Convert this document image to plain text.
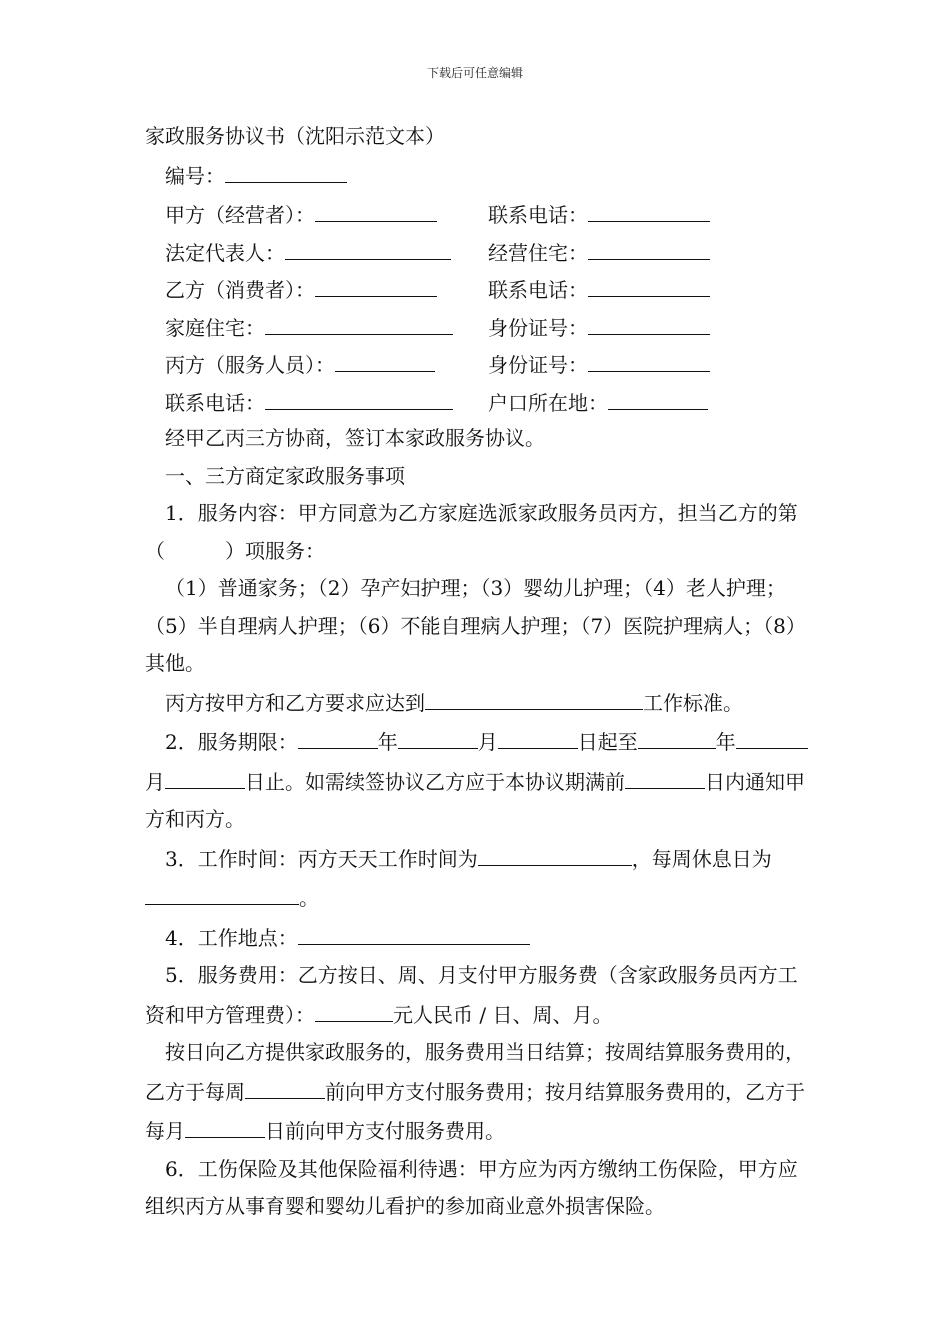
下载后可任意编辑
家政服务协议书（沈阳示范文本）
编号：
甲方（经营者）：	联系电话：
法定代表人：	经营住宅：
乙方（消费者）：	联系电话：
家庭住宅：	身份证号：
丙方（服务人员）：	身份证号：
联系电话：	户口所在地：
经甲乙丙三方协商，签订本家政服务协议。
一、三方商定家政服务事项
1．服务内容：甲方同意为乙方家庭选派家政服务员丙方，担当乙方的第（　　　）项服务：
（1）普通家务；（2）孕产妇护理；（3）婴幼儿护理；（4）老人护理；（5）半自理病人护理；（6）不能自理病人护理；（7）医院护理病人；（8）其他。
丙方按甲方和乙方要求应达到	工作标准。
2．服务期限：	年	月	日起至	年月	日止。如需续签协议乙方应于本协议期满前	日内通知甲方和丙方。
3．工作时间：丙方天天工作时间为	，每周休息日为。
4．工作地点：
5．服务费用：乙方按日、周、月支付甲方服务费（含家政服务员丙方工资和甲方管理费）：	元人民币 / 日、周、月。
按日向乙方提供家政服务的，服务费用当日结算；按周结算服务费用的，乙方于每周	前向甲方支付服务费用；按月结算服务费用的，乙方于每月	日前向甲方支付服务费用。
6．工伤保险及其他保险福利待遇：甲方应为丙方缴纳工伤保险，甲方应组织丙方从事育婴和婴幼儿看护的参加商业意外损害保险。
